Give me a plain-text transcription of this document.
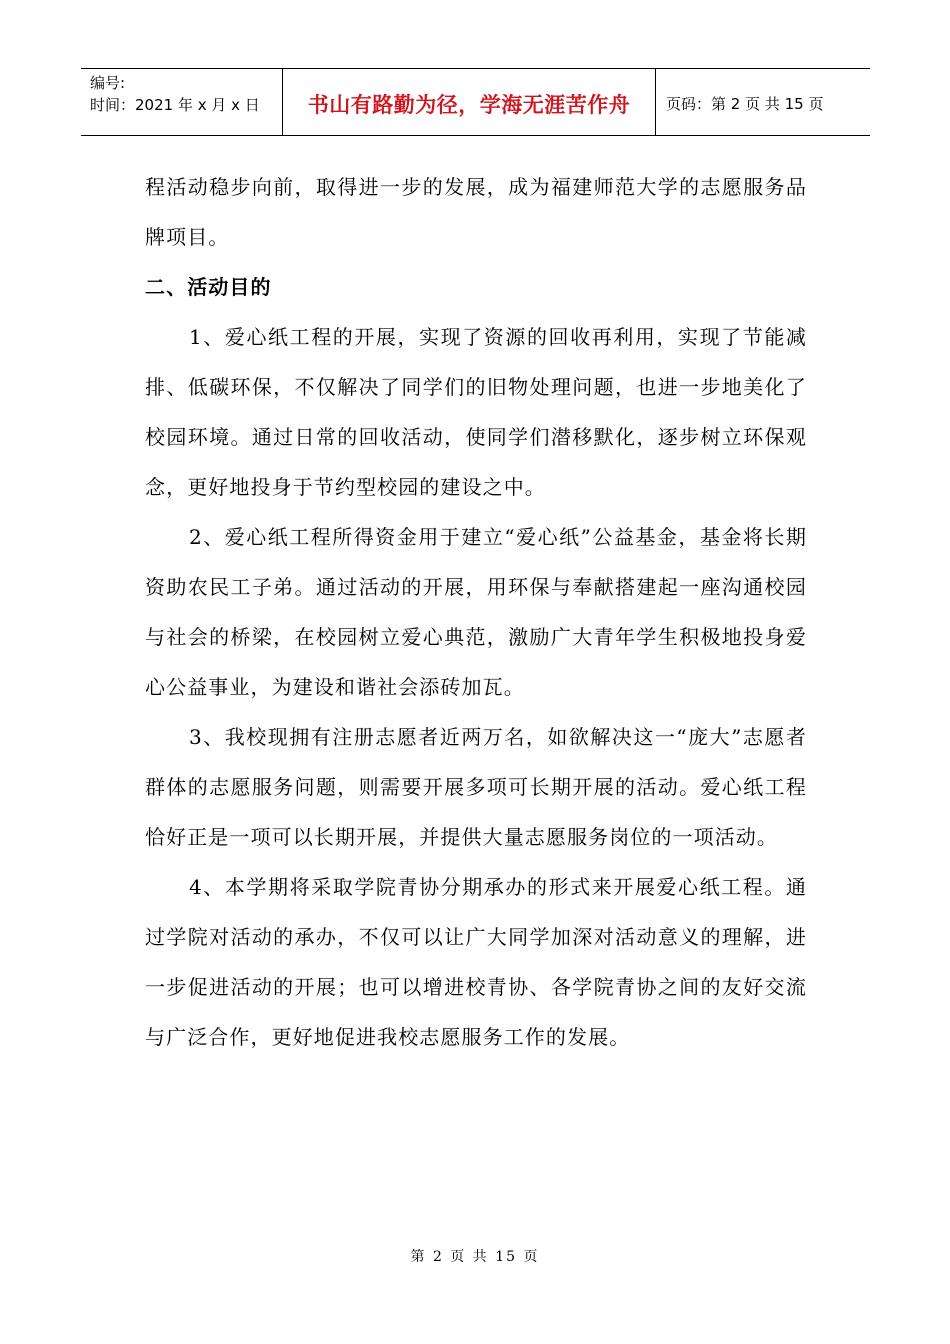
编号:
时间：2021 年 x 月 x 日	书山有路勤为径，学海无涯苦作舟	页码：第 2 页 共 15 页

程活动稳步向前，取得进一步的发展，成为福建师范大学的志愿服务品牌项目。

二、活动目的

1、爱心纸工程的开展，实现了资源的回收再利用，实现了节能减排、低碳环保，不仅解决了同学们的旧物处理问题，也进一步地美化了校园环境。通过日常的回收活动，使同学们潜移默化，逐步树立环保观念，更好地投身于节约型校园的建设之中。

2、爱心纸工程所得资金用于建立“爱心纸”公益基金，基金将长期资助农民工子弟。通过活动的开展，用环保与奉献搭建起一座沟通校园与社会的桥梁，在校园树立爱心典范，激励广大青年学生积极地投身爱心公益事业，为建设和谐社会添砖加瓦。

3、我校现拥有注册志愿者近两万名，如欲解决这一“庞大”志愿者群体的志愿服务问题，则需要开展多项可长期开展的活动。爱心纸工程恰好正是一项可以长期开展，并提供大量志愿服务岗位的一项活动。

4、本学期将采取学院青协分期承办的形式来开展爱心纸工程。通过学院对活动的承办，不仅可以让广大同学加深对活动意义的理解，进一步促进活动的开展；也可以增进校青协、各学院青协之间的友好交流与广泛合作，更好地促进我校志愿服务工作的发展。

第 2 页 共 15 页
